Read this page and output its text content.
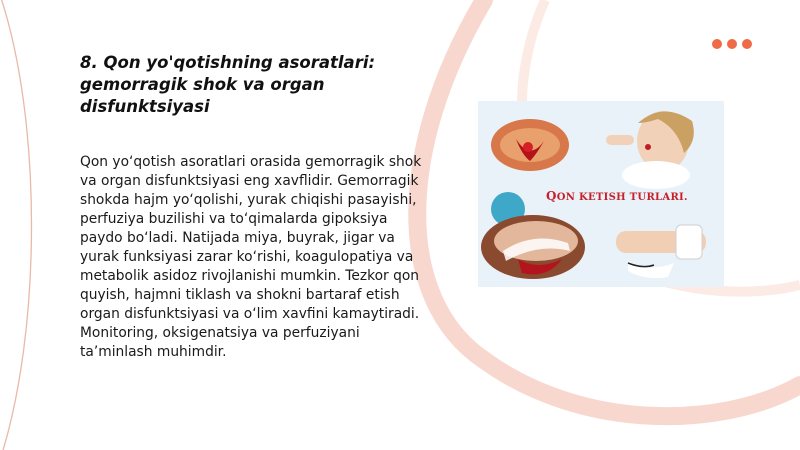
8. Qon yo'qotishning asoratlari: gemorragik shok va organ disfunktsiyasi
Qon yo‘qotish asoratlari orasida gemorragik shok va organ disfunktsiyasi eng xavflidir. Gemorragik shokda hajm yo‘qolishi, yurak chiqishi pasayishi, perfuziya buzilishi va to‘qimalarda gipoksiya paydo bo‘ladi. Natijada miya, buyrak, jigar va yurak funksiyasi zarar ko‘rishi, koagulopatiya va metabolik asidoz rivojlanishi mumkin. Tezkor qon quyish, hajmni tiklash va shokni bartaraf etish organ disfunktsiyasi va o‘lim xavfini kamaytiradi. Monitoring, oksigenatsiya va perfuziyani ta’minlash muhimdir.
QON KETISH TURLARI.
